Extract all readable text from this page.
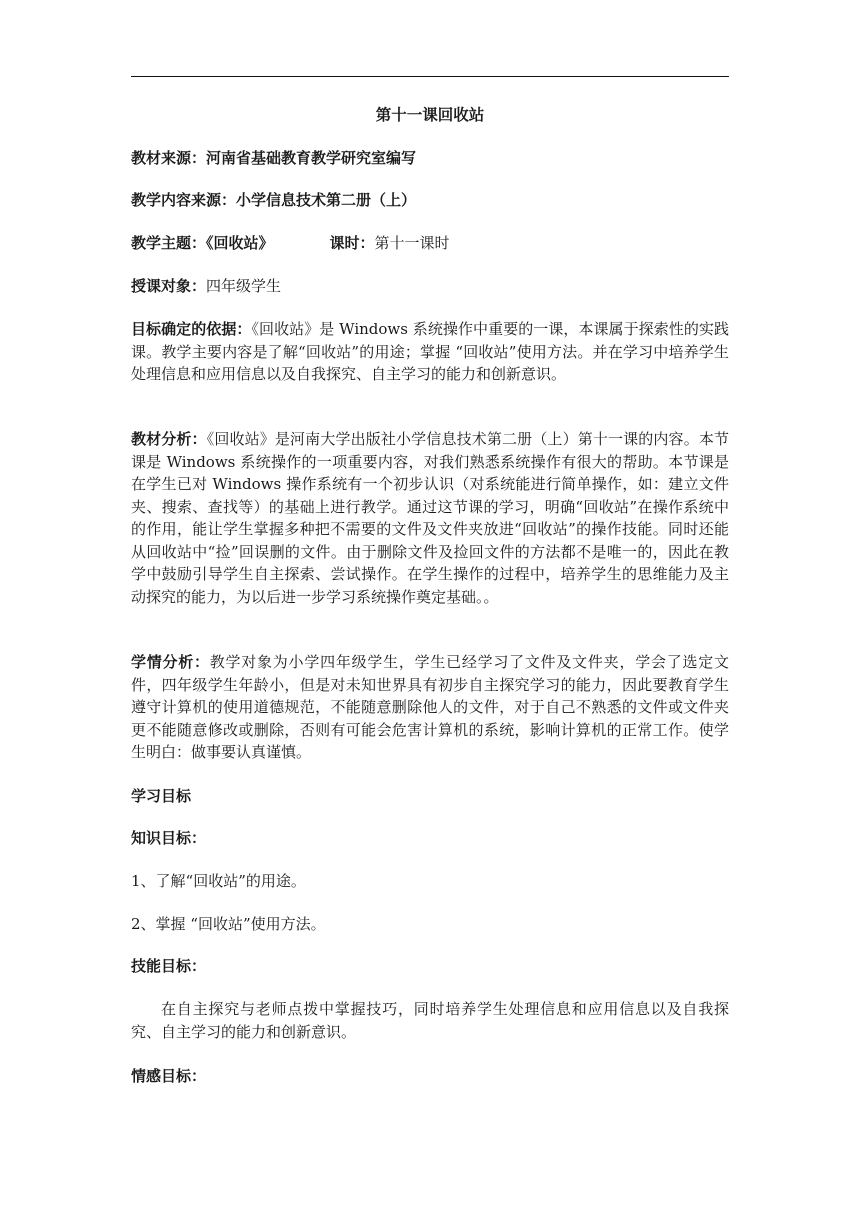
第十一课回收站
教材来源：河南省基础教育教学研究室编写
教学内容来源：小学信息技术第二册（上）
教学主题：《回收站》	课时：第十一课时
授课对象：四年级学生
目标确定的依据：《回收站》是 Windows 系统操作中重要的一课，本课属于探索性的实践课。教学主要内容是了解“回收站”的用途；掌握 “回收站”使用方法。并在学习中培养学生处理信息和应用信息以及自我探究、自主学习的能力和创新意识。
教材分析：《回收站》是河南大学出版社小学信息技术第二册（上）第十一课的内容。本节课是 Windows 系统操作的一项重要内容，对我们熟悉系统操作有很大的帮助。本节课是在学生已对 Windows 操作系统有一个初步认识（对系统能进行简单操作，如：建立文件夹、搜索、查找等）的基础上进行教学。通过这节课的学习，明确“回收站”在操作系统中的作用，能让学生掌握多种把不需要的文件及文件夹放进“回收站”的操作技能。同时还能从回收站中“捡”回误删的文件。由于删除文件及捡回文件的方法都不是唯一的，因此在教学中鼓励引导学生自主探索、尝试操作。在学生操作的过程中，培养学生的思维能力及主动探究的能力，为以后进一步学习系统操作奠定基础。。
学情分析：教学对象为小学四年级学生，学生已经学习了文件及文件夹，学会了选定文件，四年级学生年龄小，但是对未知世界具有初步自主探究学习的能力，因此要教育学生遵守计算机的使用道德规范，不能随意删除他人的文件，对于自己不熟悉的文件或文件夹更不能随意修改或删除，否则有可能会危害计算机的系统，影响计算机的正常工作。使学生明白：做事要认真谨慎。
学习目标
知识目标：
1、了解“回收站”的用途。
2、掌握 “回收站”使用方法。
技能目标：
在自主探究与老师点拨中掌握技巧，同时培养学生处理信息和应用信息以及自我探究、自主学习的能力和创新意识。
情感目标：
